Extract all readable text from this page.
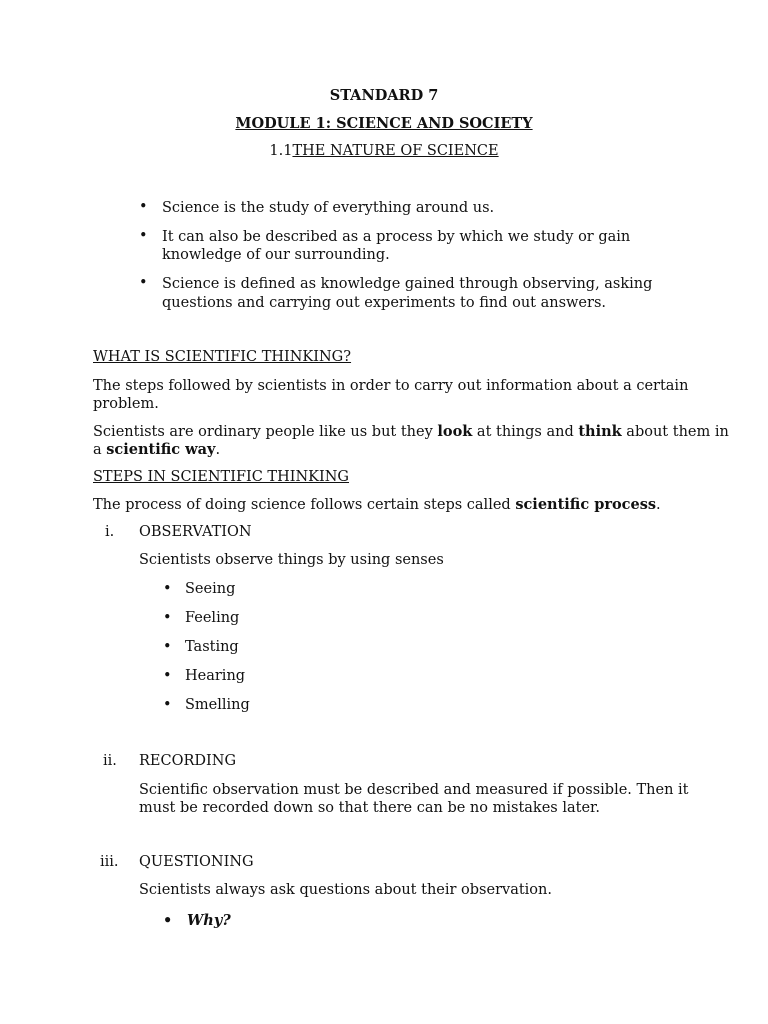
STANDARD 7
MODULE 1: SCIENCE AND SOCIETY
1.1THE NATURE OF SCIENCE
• Science is the study of everything around us.
• It can also be described as a process by which we study or gain
knowledge of our surrounding.
• Science is defined as knowledge gained through observing, asking
questions and carrying out experiments to find out answers.
WHAT IS SCIENTIFIC THINKING?
The steps followed by scientists in order to carry out information about a certain
problem.
Scientists are ordinary people like us but they look at things and think about them in
a scientific way.
STEPS IN SCIENTIFIC THINKING
The process of doing science follows certain steps called scientific process.
i. OBSERVATION
Scientists observe things by using senses
• Seeing
• Feeling
• Tasting
• Hearing
• Smelling
ii. RECORDING
Scientific observation must be described and measured if possible. Then it
must be recorded down so that there can be no mistakes later.
iii. QUESTIONING
Scientists always ask questions about their observation.
• Why?
